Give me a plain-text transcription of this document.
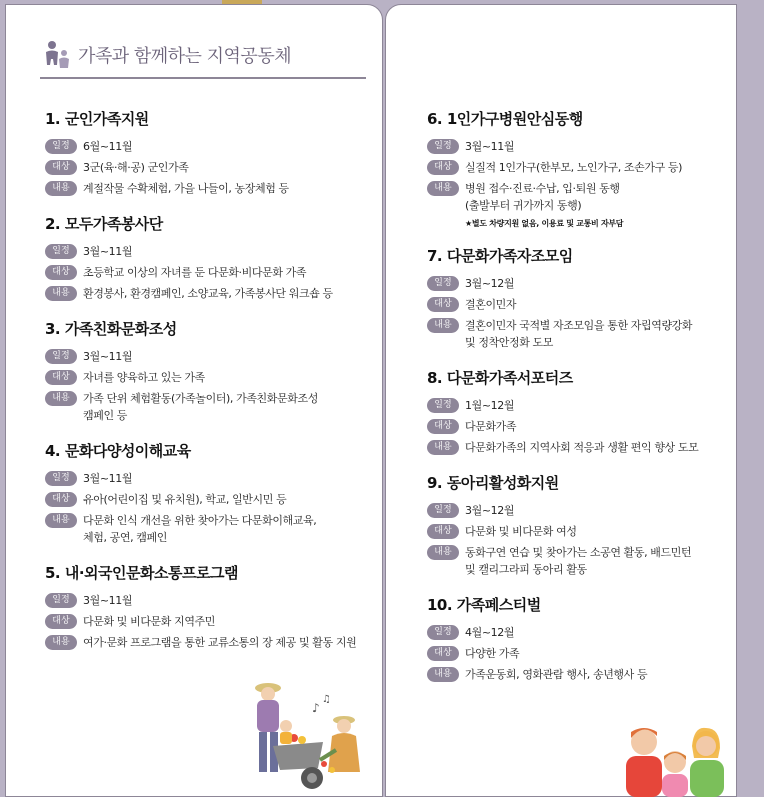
가족과 함께하는 지역공동체
1. 군인가족지원
일정	6월~11월
대상	3군(육·해·공) 군인가족
내용	계절작물 수확체험, 가을 나들이, 농장체험 등
2. 모두가족봉사단
일정	3월~11월
대상	초등학교 이상의 자녀를 둔 다문화·비다문화 가족
내용	환경봉사, 환경캠페인, 소양교육, 가족봉사단 워크숍 등
3. 가족친화문화조성
일정	3월~11월
대상	자녀를 양육하고 있는 가족
내용	가족 단위 체험활동(가족놀이터), 가족친화문화조성
캠페인 등
4. 문화다양성이해교육
일정	3월~11월
대상	유아(어린이집 및 유치원), 학교, 일반시민 등
내용	다문화 인식 개선을 위한 찾아가는 다문화이해교육,
체험, 공연, 캠페인
5. 내·외국인문화소통프로그램
일정	3월~11월
대상	다문화 및 비다문화 지역주민
내용	여가·문화 프로그램을 통한 교류소통의 장 제공 및 활동 지원
♪
♫
6. 1인가구병원안심동행
일정	3월~11월
대상	실질적 1인가구(한부모, 노인가구, 조손가구 등)
내용	병원 접수·진료·수납, 입·퇴원 동행
(출발부터 귀가까지 동행)
★별도 차량지원 없음, 이용료 및 교통비 자부담
7. 다문화가족자조모임
일정	3월~12월
대상	결혼이민자
내용	결혼이민자 국적별 자조모임을 통한 자립역량강화
및 정착안정화 도모
8. 다문화가족서포터즈
일정	1월~12월
대상	다문화가족
내용	다문화가족의 지역사회 적응과 생활 편익 향상 도모
9. 동아리활성화지원
일정	3월~12월
대상	다문화 및 비다문화 여성
내용	동화구연 연습 및 찾아가는 소공연 활동, 배드민턴
및 캘리그라피 동아리 활동
10. 가족페스티벌
일정	4월~12월
대상	다양한 가족
내용	가족운동회, 영화관람 행사, 송년행사 등
